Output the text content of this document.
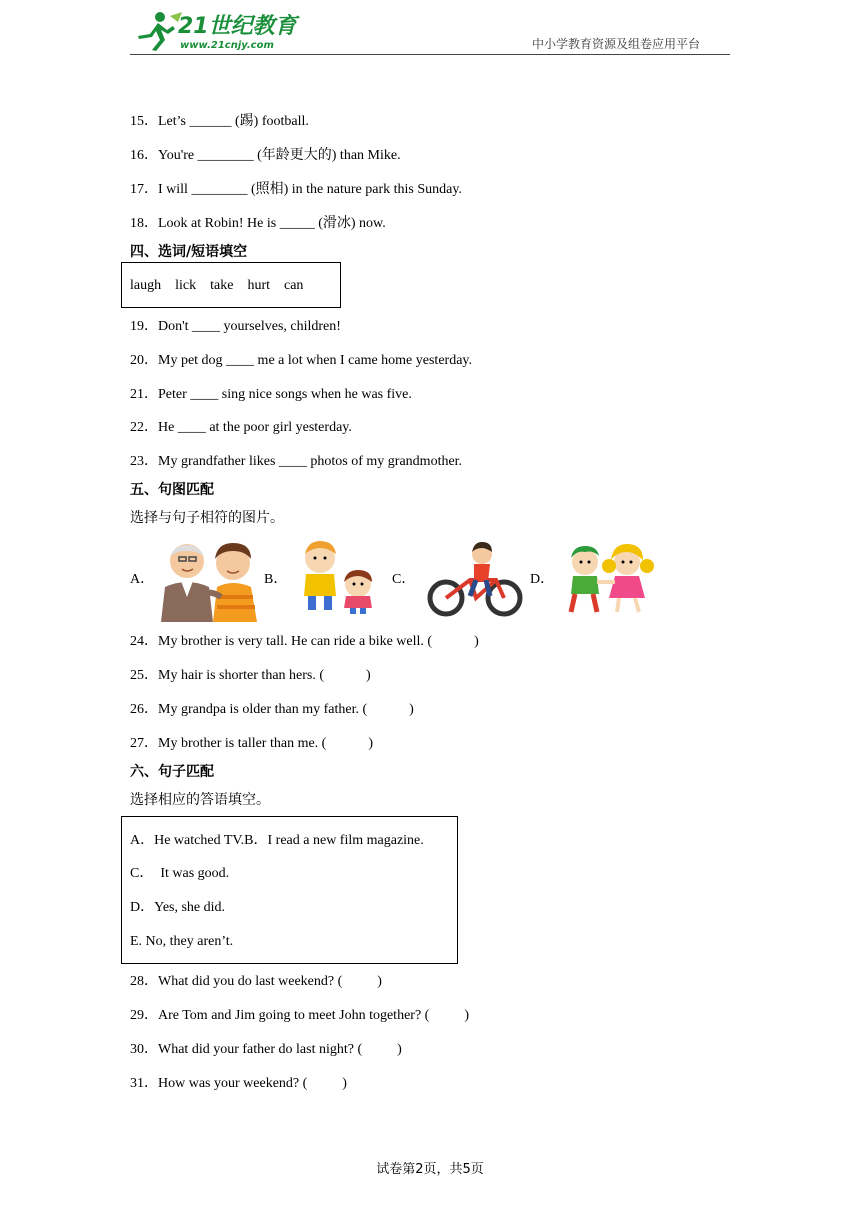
21世纪教育
www.21cnjy.com	中小学教育资源及组卷应用平台
15．Let’s ______ (踢) football.
16．You're ________ (年龄更大的) than Mike.
17．I will ________ (照相) in the nature park this Sunday.
18．Look at Robin! He is _____ (滑冰) now.
四、选词/短语填空
laugh lick take hurt can
19．Don't ____ yourselves, children!
20．My pet dog ____ me a lot when I came home yesterday.
21．Peter ____ sing nice songs when he was five.
22．He ____ at the poor girl yesterday.
23．My grandfather likes ____ photos of my grandmother.
五、句图匹配
选择与句子相符的图片。
A．	B．	C．	D．
24．My brother is very tall. He can ride a bike well. (            )
25．My hair is shorter than hers. (            )
26．My grandpa is older than my father. (            )
27．My brother is taller than me. (            )
六、句子匹配
选择相应的答语填空。
A．He watched TV.B．I read a new film magazine.
C．  It was good.
D．Yes, she did.
E. No, they aren’t.
28．What did you do last weekend? (          )
29．Are Tom and Jim going to meet John together? (          )
30．What did your father do last night? (          )
31．How was your weekend? (          )
试卷第2页，共5页
